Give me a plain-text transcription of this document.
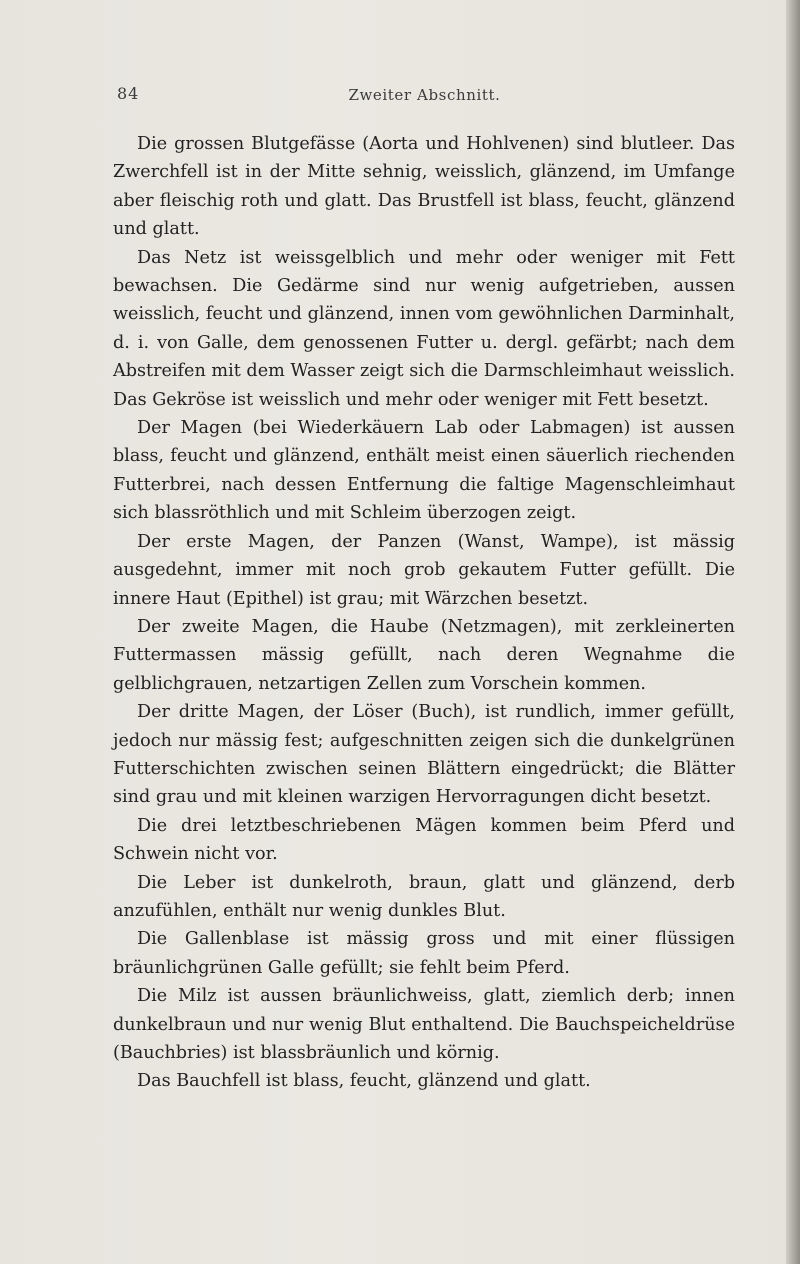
84	Zweiter Abschnitt.

Die grossen Blutgefässe (Aorta und Hohlvenen) sind blutleer. Das Zwerchfell ist in der Mitte sehnig, weisslich, glänzend, im Umfange aber fleischig roth und glatt. Das Brustfell ist blass, feucht, glänzend und glatt.

Das Netz ist weissgelblich und mehr oder weniger mit Fett bewachsen. Die Gedärme sind nur wenig aufgetrieben, aussen weisslich, feucht und glänzend, innen vom gewöhnlichen Darminhalt, d. i. von Galle, dem genossenen Futter u. dergl. gefärbt; nach dem Abstreifen mit dem Wasser zeigt sich die Darmschleimhaut weisslich. Das Gekröse ist weisslich und mehr oder weniger mit Fett besetzt.

Der Magen (bei Wiederkäuern Lab oder Labmagen) ist aussen blass, feucht und glänzend, enthält meist einen säuerlich riechenden Futterbrei, nach dessen Entfernung die faltige Magenschleimhaut sich blassröthlich und mit Schleim überzogen zeigt.

Der erste Magen, der Panzen (Wanst, Wampe), ist mässig ausgedehnt, immer mit noch grob gekautem Futter gefüllt. Die innere Haut (Epithel) ist grau; mit Wärzchen besetzt.

Der zweite Magen, die Haube (Netzmagen), mit zerkleinerten Futtermassen mässig gefüllt, nach deren Wegnahme die gelblichgrauen, netzartigen Zellen zum Vorschein kommen.

Der dritte Magen, der Löser (Buch), ist rundlich, immer gefüllt, jedoch nur mässig fest; aufgeschnitten zeigen sich die dunkelgrünen Futterschichten zwischen seinen Blättern eingedrückt; die Blätter sind grau und mit kleinen warzigen Hervorragungen dicht besetzt.

Die drei letztbeschriebenen Mägen kommen beim Pferd und Schwein nicht vor.

Die Leber ist dunkelroth, braun, glatt und glänzend, derb anzufühlen, enthält nur wenig dunkles Blut.

Die Gallenblase ist mässig gross und mit einer flüssigen bräunlichgrünen Galle gefüllt; sie fehlt beim Pferd.

Die Milz ist aussen bräunlichweiss, glatt, ziemlich derb; innen dunkelbraun und nur wenig Blut enthaltend. Die Bauchspeicheldrüse (Bauchbries) ist blassbräunlich und körnig.

Das Bauchfell ist blass, feucht, glänzend und glatt.
